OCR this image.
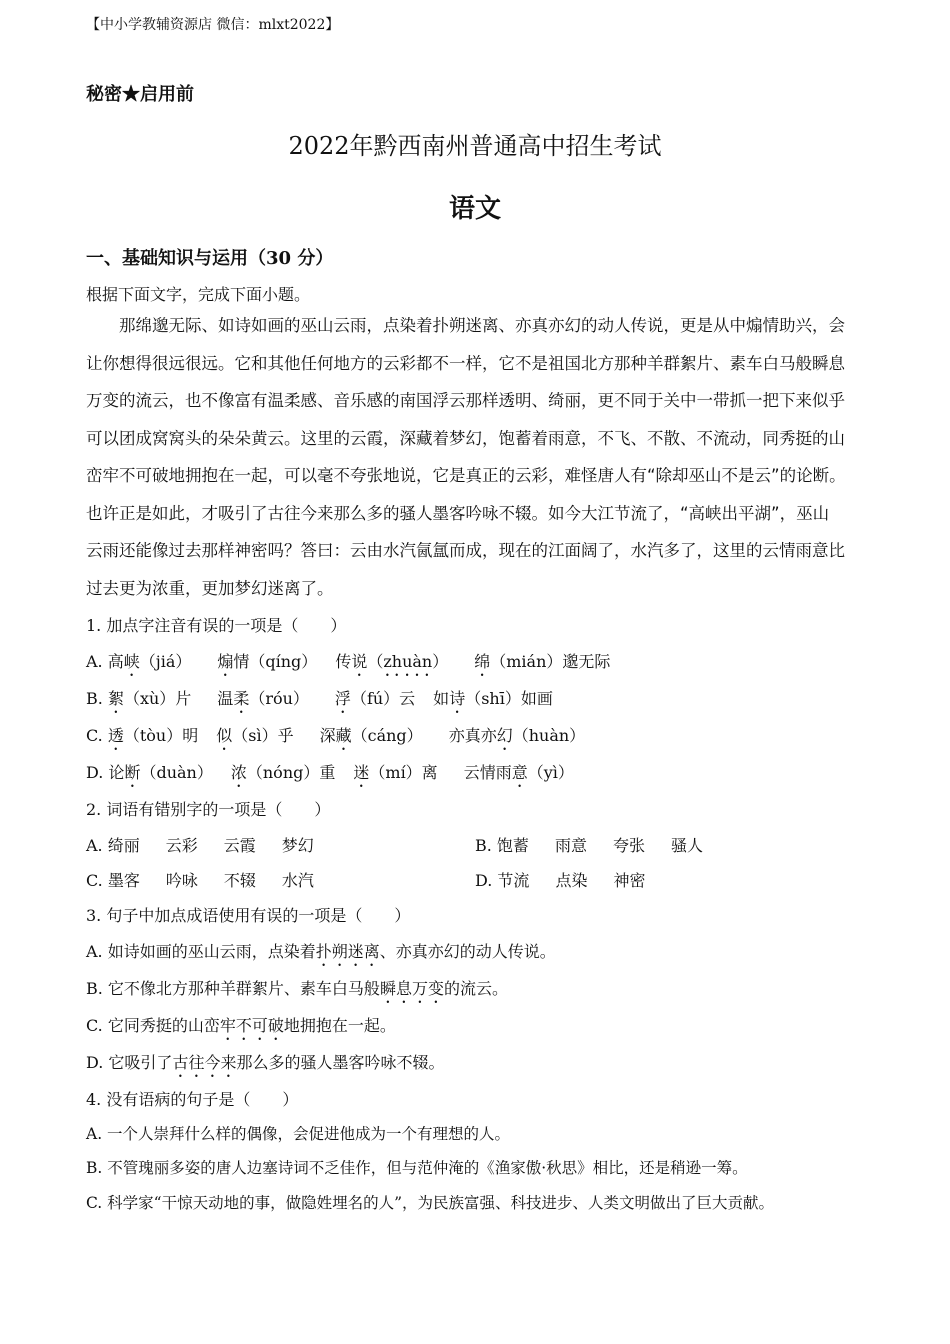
【中小学教辅资源店 微信：mlxt2022】
秘密★启用前
2022年黔西南州普通高中招生考试
语文
一、基础知识与运用（30 分）
根据下面文字，完成下面小题。
那绵邈无际、如诗如画的巫山云雨，点染着扑朔迷离、亦真亦幻的动人传说，更是从中煽情助兴，会
让你想得很远很远。它和其他任何地方的云彩都不一样，它不是祖国北方那种羊群絮片、素车白马般瞬息
万变的流云，也不像富有温柔感、音乐感的南国浮云那样透明、绮丽，更不同于关中一带抓一把下来似乎
可以团成窝窝头的朵朵黄云。这里的云霞，深藏着梦幻，饱蓄着雨意，不飞、不散、不流动，同秀挺的山
峦牢不可破地拥抱在一起，可以毫不夸张地说，它是真正的云彩，难怪唐人有“除却巫山不是云”的论断。
也许正是如此，才吸引了古往今来那么多的骚人墨客吟咏不辍。如今大江节流了，“高峡出平湖”，巫山
云雨还能像过去那样神密吗？答曰：云由水汽氤氲而成，现在的江面阔了，水汽多了，这里的云情雨意比
过去更为浓重，更加梦幻迷离了。
1. 加点字注音有误的一项是（　　）
A. 高峡（jiá） 煽情（qíng） 传说（zhuàn） 绵（mián）邈无际
B. 絮（xù）片 温柔（róu） 浮（fú）云 如诗（shī）如画
C. 透（tòu）明 似（sì）乎 深藏（cáng） 亦真亦幻（huàn）
D. 论断（duàn） 浓（nóng）重 迷（mí）离 云情雨意（yì）
2. 词语有错别字的一项是（　　）
A. 绮丽 云彩 云霞 梦幻	B. 饱蓄 雨意 夸张 骚人
C. 墨客 吟咏 不辍 水汽	D. 节流 点染 神密
3. 句子中加点成语使用有误的一项是（　　）
A. 如诗如画的巫山云雨，点染着扑朔迷离、亦真亦幻的动人传说。
B. 它不像北方那种羊群絮片、素车白马般瞬息万变的流云。
C. 它同秀挺的山峦牢不可破地拥抱在一起。
D. 它吸引了古往今来那么多的骚人墨客吟咏不辍。
4. 没有语病的句子是（　　）
A. 一个人崇拜什么样的偶像，会促进他成为一个有理想的人。
B. 不管瑰丽多姿的唐人边塞诗词不乏佳作，但与范仲淹的《渔家傲·秋思》相比，还是稍逊一筹。
C. 科学家“干惊天动地的事，做隐姓埋名的人”，为民族富强、科技进步、人类文明做出了巨大贡献。
